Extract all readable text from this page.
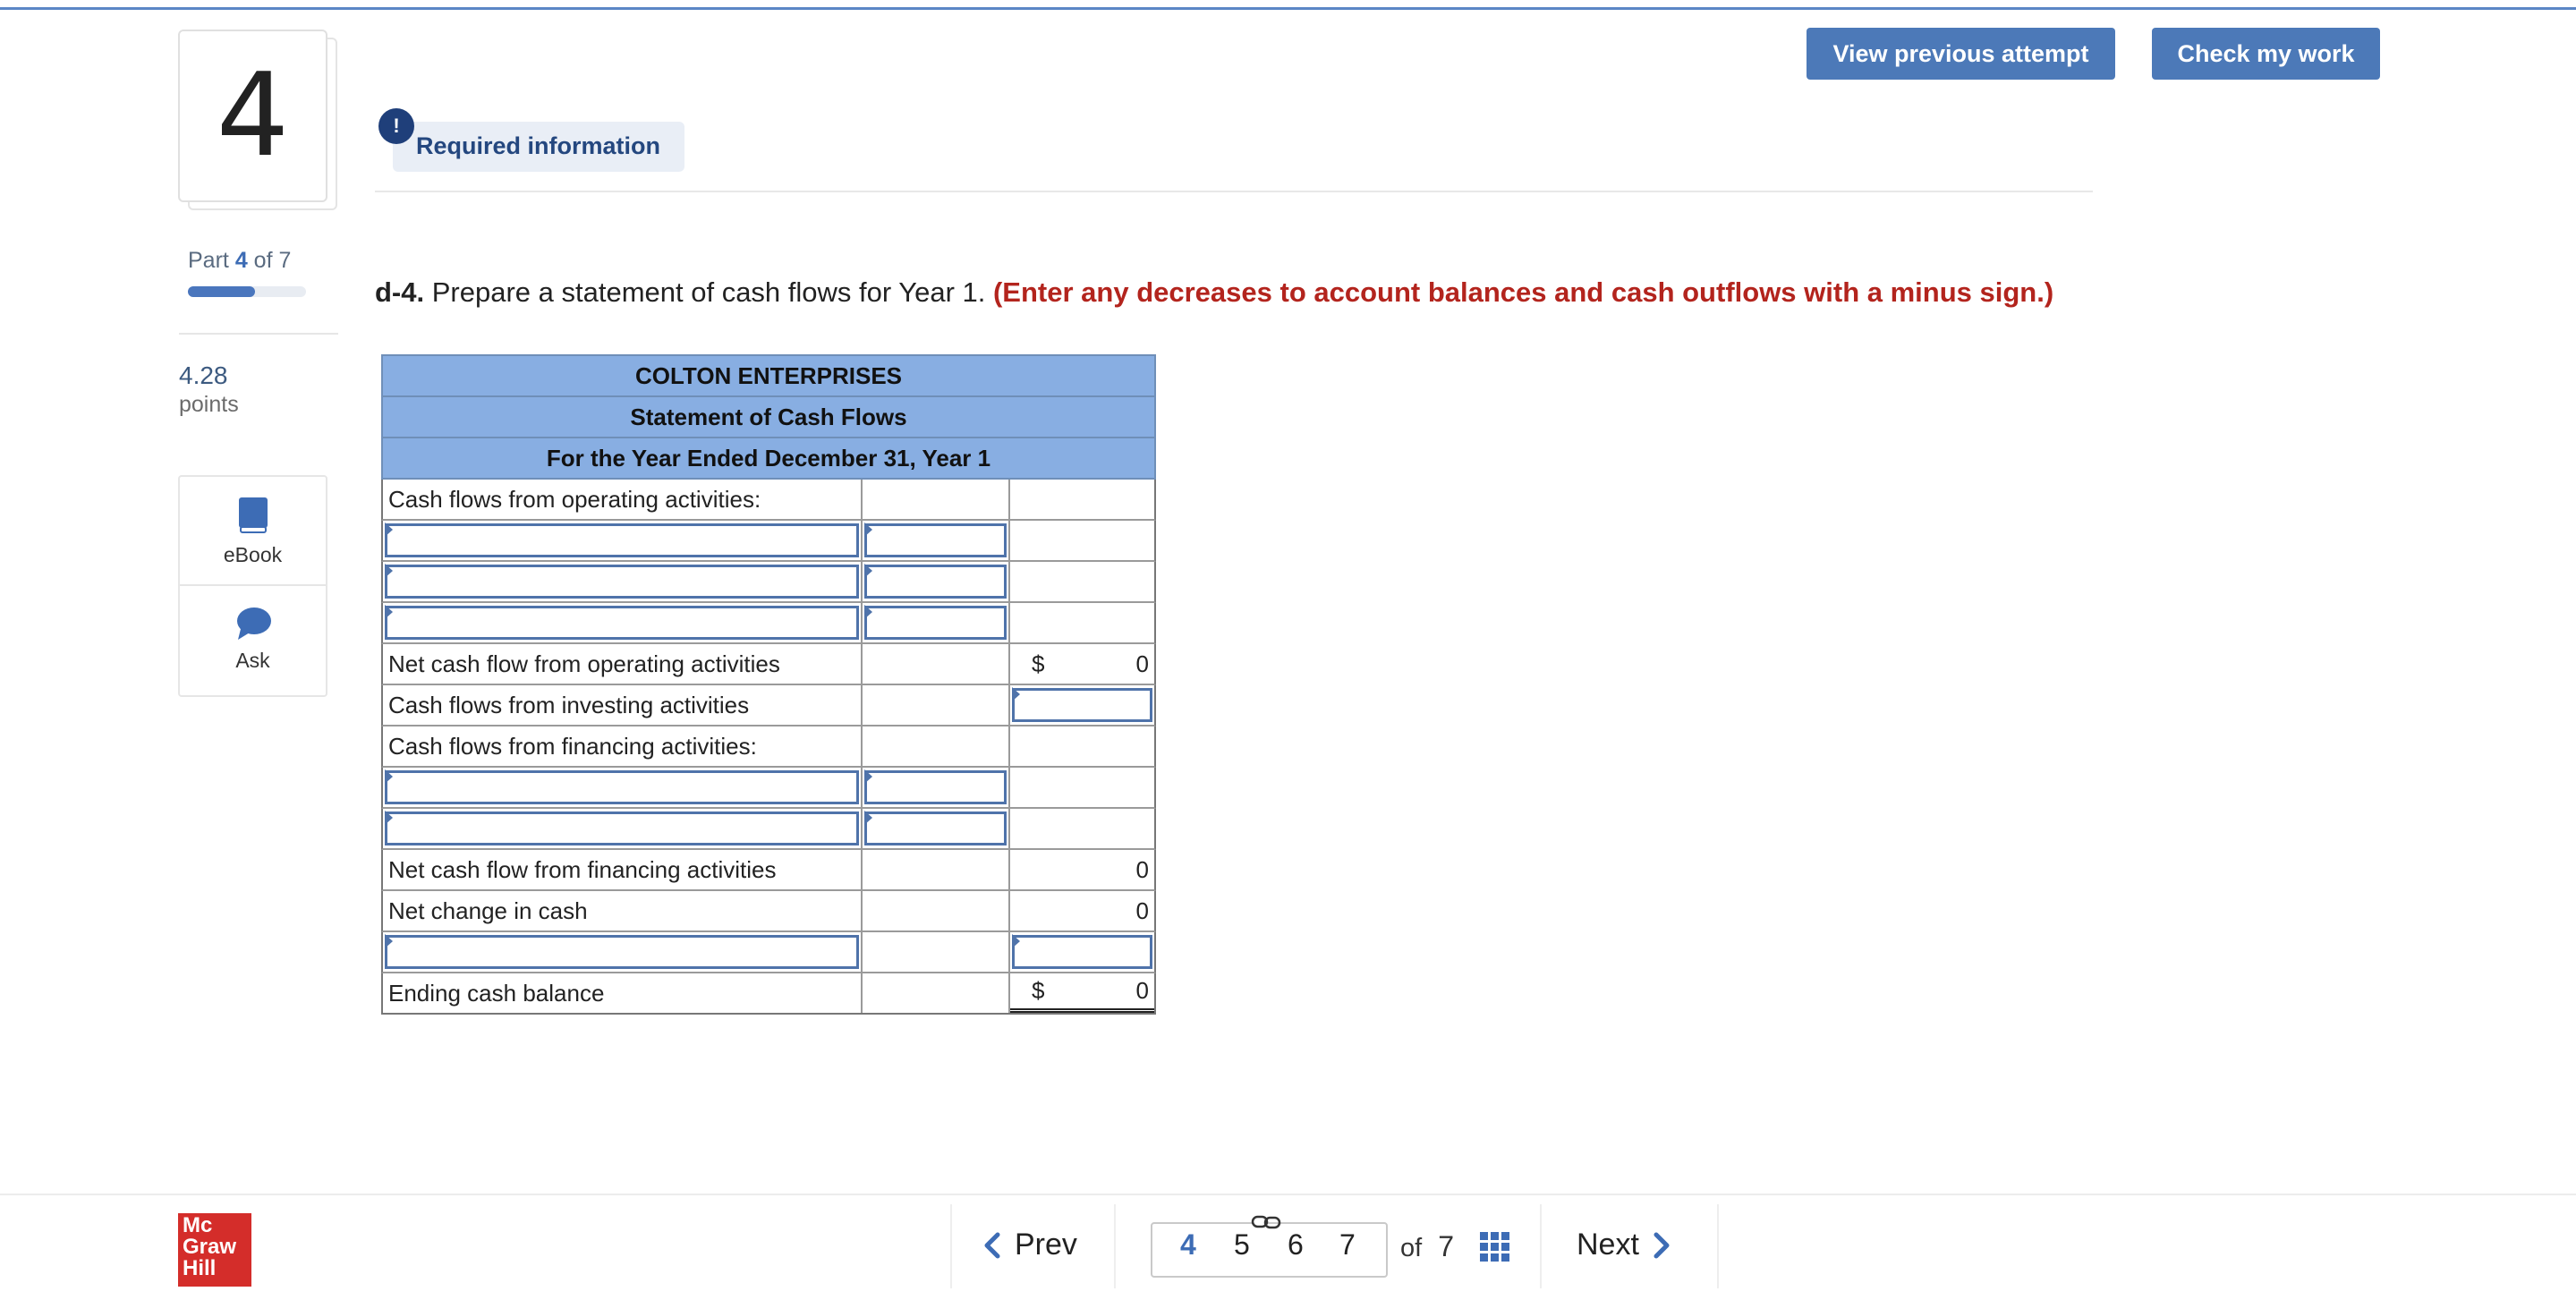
4
Part 4 of 7
4.28
points
eBook
Ask
View previous attempt	Check my work
!
Required information
d-4. Prepare a statement of cash flows for Year 1. (Enter any decreases to account balances and cash outflows with a minus sign.)
COLTON ENTERPRISES
Statement of Cash Flows
For the Year Ended December 31, Year 1
Cash flows from operating activities:
Net cash flow from operating activities	$	0
Cash flows from investing activities
Cash flows from financing activities:
Net cash flow from financing activities	0
Net change in cash	0
Ending cash balance	$	0
Mc
Graw
Hill
Prev	4 5 6 7 of 7	Next
